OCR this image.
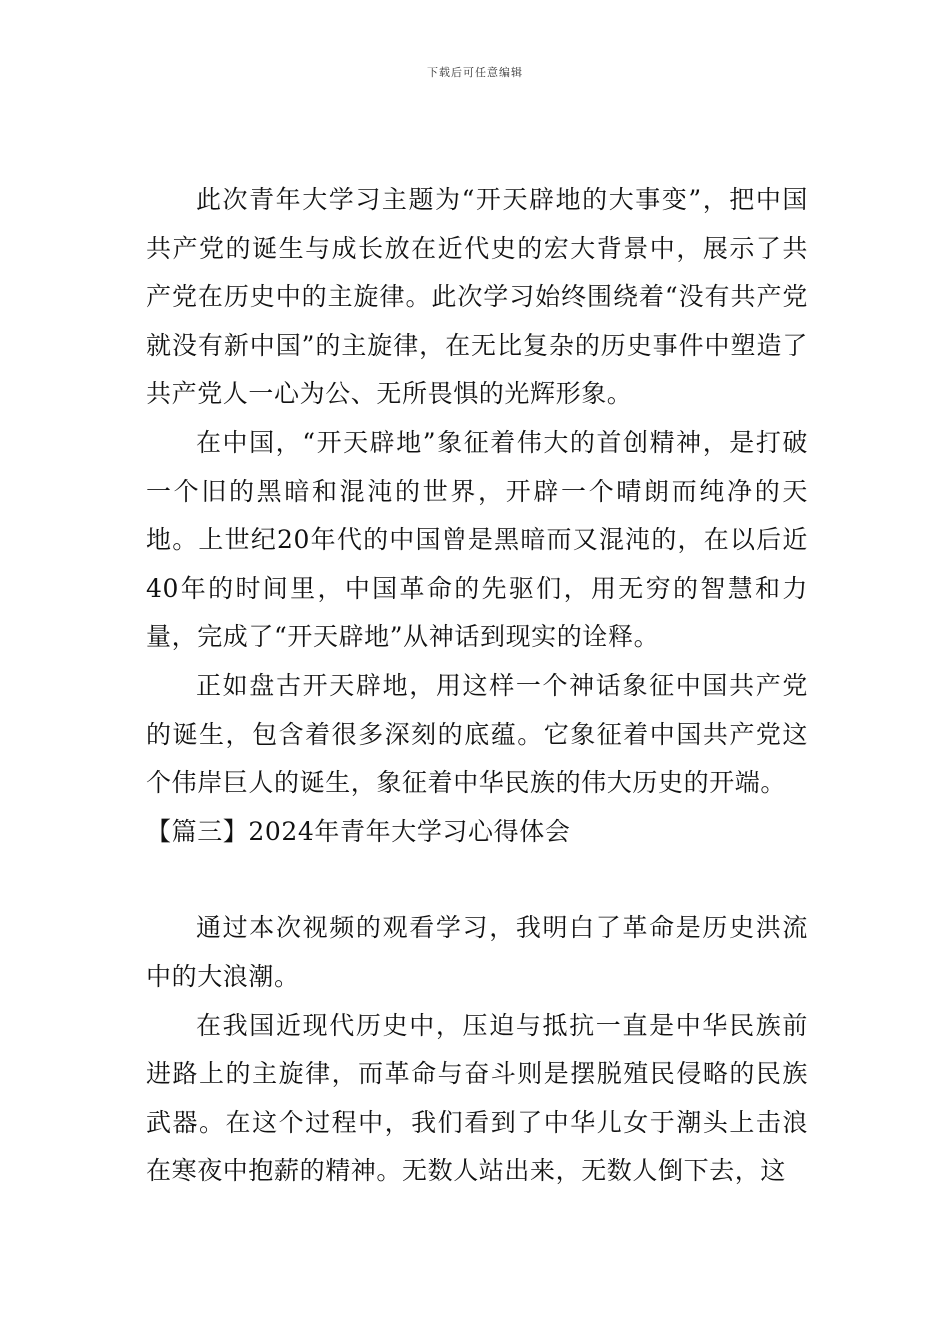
下载后可任意编辑

此次青年大学习主题为“开天辟地的大事变”，把中国共产党的诞生与成长放在近代史的宏大背景中，展示了共产党在历史中的主旋律。此次学习始终围绕着“没有共产党就没有新中国”的主旋律，在无比复杂的历史事件中塑造了共产党人一心为公、无所畏惧的光辉形象。

在中国，“开天辟地”象征着伟大的首创精神，是打破一个旧的黑暗和混沌的世界，开辟一个晴朗而纯净的天地。上世纪20年代的中国曾是黑暗而又混沌的，在以后近40年的时间里，中国革命的先驱们，用无穷的智慧和力量，完成了“开天辟地”从神话到现实的诠释。

正如盘古开天辟地，用这样一个神话象征中国共产党的诞生，包含着很多深刻的底蕴。它象征着中国共产党这个伟岸巨人的诞生，象征着中华民族的伟大历史的开端。

【篇三】2024年青年大学习心得体会

通过本次视频的观看学习，我明白了革命是历史洪流中的大浪潮。

在我国近现代历史中，压迫与抵抗一直是中华民族前进路上的主旋律，而革命与奋斗则是摆脱殖民侵略的民族武器。在这个过程中，我们看到了中华儿女于潮头上击浪在寒夜中抱薪的精神。无数人站出来，无数人倒下去，这
